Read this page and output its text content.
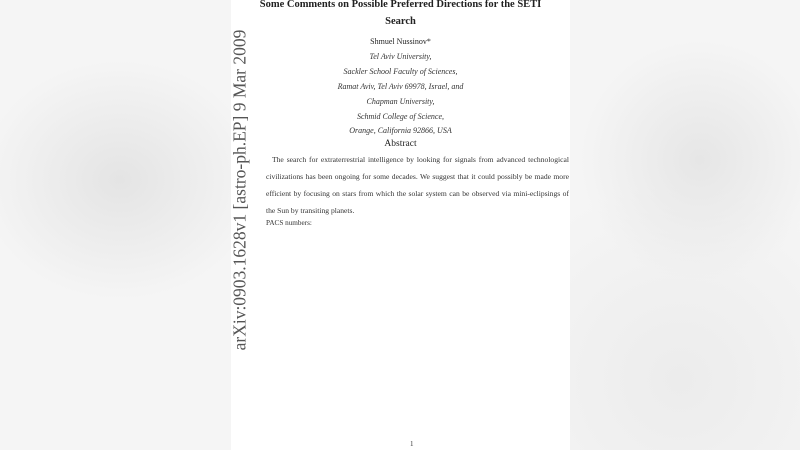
arXiv:0903.1628v1 [astro-ph.EP] 9 Mar 2009
Some Comments on Possible Preferred Directions for the SETI
Search
Shmuel Nussinov*
Tel Aviv University,
Sackler School Faculty of Sciences,
Ramat Aviv, Tel Aviv 69978, Israel, and
Chapman University,
Schmid College of Science,
Orange, California 92866, USA
Abstract
The search for extraterrestrial intelligence by looking for signals from advanced technological civilizations has been ongoing for some decades. We suggest that it could possibly be made more efficient by focusing on stars from which the solar system can be observed via mini-eclipsings of the Sun by transiting planets.
PACS numbers:
1
